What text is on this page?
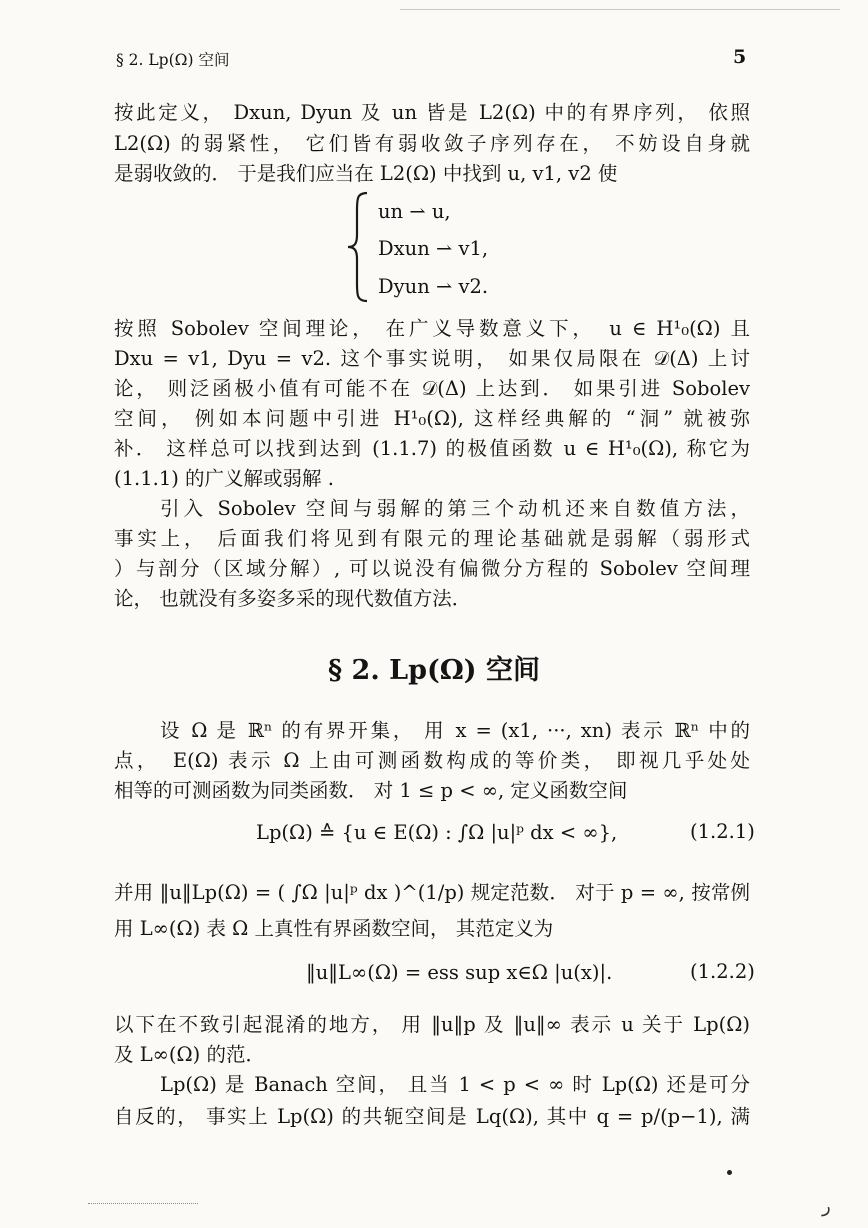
§ 2. Lp(Ω) 空间	5
按此定义， Dxun, Dyun 及 un 皆是 L2(Ω) 中的有界序列， 依照
L2(Ω) 的弱紧性， 它们皆有弱收敛子序列存在， 不妨设自身就
是弱收敛的． 于是我们应当在 L2(Ω) 中找到 u, v1, v2 使
un ⇀ u,
Dxun ⇀ v1,
Dyun ⇀ v2.
按照 Sobolev 空间理论， 在广义导数意义下，　u ∈ H¹₀(Ω) 且
Dxu = v1, Dyu = v2. 这个事实说明， 如果仅局限在 𝒟(Δ) 上讨
论， 则泛函极小值有可能不在 𝒟(Δ) 上达到． 如果引进 Sobolev
空间， 例如本问题中引进 H¹₀(Ω), 这样经典解的 “洞” 就被弥
补． 这样总可以找到达到 (1.1.7) 的极值函数 u ∈ H¹₀(Ω), 称它为
(1.1.1) 的广义解或弱解 .
引入 Sobolev 空间与弱解的第三个动机还来自数值方法，
事实上， 后面我们将见到有限元的理论基础就是弱解（弱形式
）与剖分（区域分解）, 可以说没有偏微分方程的 Sobolev 空间理
论， 也就没有多姿多采的现代数值方法．
§ 2. Lp(Ω) 空间
设 Ω 是 ℝⁿ 的有界开集， 用 x = (x1, ···, xn) 表示 ℝⁿ 中的
点，　E(Ω) 表示 Ω 上由可测函数构成的等价类， 即视几乎处处
相等的可测函数为同类函数． 对 1 ≤ p < ∞, 定义函数空间
Lp(Ω) ≙ {u ∈ E(Ω) : ∫Ω |u|ᵖ dx < ∞},	(1.2.1)
并用 ‖u‖Lp(Ω) = ( ∫Ω |u|ᵖ dx )^(1/p) 规定范数． 对于 p = ∞, 按常例
用 L∞(Ω) 表 Ω 上真性有界函数空间， 其范定义为
‖u‖L∞(Ω) = ess sup x∈Ω |u(x)|.	(1.2.2)
以下在不致引起混淆的地方， 用 ‖u‖p 及 ‖u‖∞ 表示 u 关于 Lp(Ω)
及 L∞(Ω) 的范．
Lp(Ω) 是 Banach 空间， 且当 1 < p < ∞ 时 Lp(Ω) 还是可分
自反的， 事实上 Lp(Ω) 的共轭空间是 Lq(Ω), 其中 q = p/(p−1), 满
ر
